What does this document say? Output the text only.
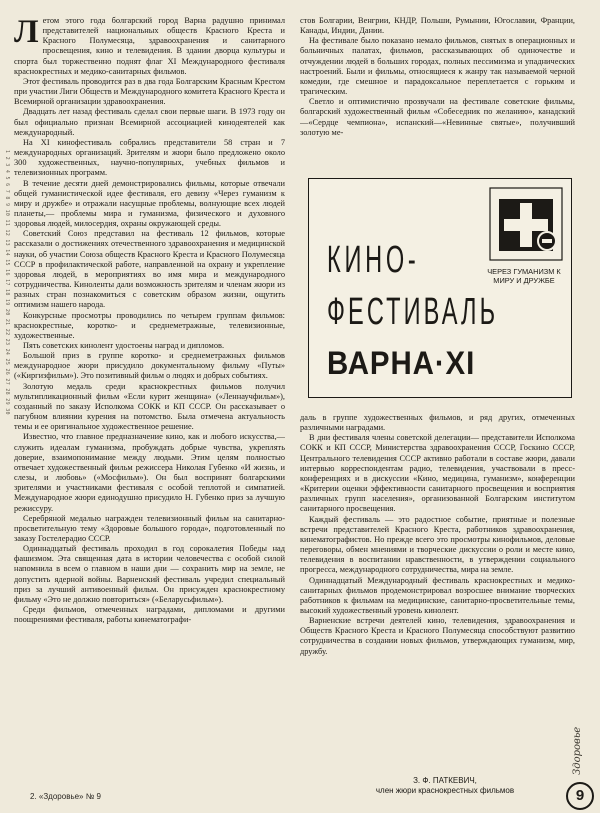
1 2 3 4 5 6 7 8 9 10 11 12 13 14 15 16 17 18 19 20 21 22 23 24 25 26 27 28 29 30
Л етом этого года болгарский город Варна радушно принимал представителей национальных обществ Красного Креста и Красного Полумесяца, здравоохранения и санитарного просвещения, кино и телевидения. В здании дворца культуры и спорта был торжественно поднят флаг XI Международного фестиваля краснокрестных и медико-санитарных фильмов.

Этот фестиваль проводится раз в два года Болгарским Красным Крестом при участии Лиги Обществ и Международного комитета Красного Креста и Всемирной организации здравоохранения.

Двадцать лет назад фестиваль сделал свои первые шаги. В 1973 году он был официально признан Всемирной ассоциацией кинодеятелей как международный.

На XI кинофестиваль собрались представители 58 стран и 7 международных организаций. Зрителям и жюри было предложено около 300 художественных, научно-популярных, учебных фильмов и телевизионных программ.

В течение десяти дней демонстрировались фильмы, которые отвечали общей гуманистической идее фестиваля, его девизу «Через гуманизм к миру и дружбе» и отражали насущные проблемы, волнующие всех людей планеты,— проблемы мира и гуманизма, физического и духовного здоровья людей, милосердия, охраны окружающей среды.

Советский Союз представил на фестиваль 12 фильмов, которые рассказали о достижениях отечественного здравоохранения и медицинской науки, об участии Союза обществ Красного Креста и Красного Полумесяца СССР в профилактической работе, направленной на охрану и укрепление здоровья людей, в мероприятиях во имя мира и международного сотрудничества. Киноленты дали возможность зрителям и членам жюри из разных стран познакомиться с советским образом жизни, ощутить оптимизм нашего народа.

Конкурсные просмотры проводились по четырем группам фильмов: краснокрестные, коротко- и среднеметражные, телевизионные, художественные.

Пять советских кинолент удостоены наград и дипломов.

Большой приз в группе коротко- и среднеметражных фильмов международное жюри присудило документальному фильму «Путы» («Киргизфильм»). Это позитивный фильм о людях и добрых событиях.

Золотую медаль среди краснокрестных фильмов получил мультипликационный фильм «Если курит женщина» («Леннаучфильм»), созданный по заказу Исполкома СОКК и КП СССР. Он рассказывает о пагубном влиянии курения на потомство. Была отмечена актуальность темы и ее оригинальное художественное решение.

Известно, что главное предназначение кино, как и любого искусства,— служить идеалам гуманизма, пробуждать добрые чувства, укреплять доверие, взаимопонимание между людьми. Этим целям полностью отвечает художественный фильм режиссера Николая Губенко «И жизнь, и слезы, и любовь» («Мосфильм»). Он был воспринят болгарскими зрителями и участниками фестиваля с особой теплотой и симпатией. Международное жюри единодушно присудило Н. Губенко приз за лучшую режиссуру.

Серебряной медалью награжден телевизионный фильм на санитарно-просветительную тему «Здоровые большого города», подготовленный по заказу Гостелерадио СССР.

Одиннадцатый фестиваль проходил в год сорокалетия Победы над фашизмом. Эта священная дата в истории человечества с особой силой напомнила в всем о главном в наши дни — сохранить мир на земле, не допустить ядерной войны. Варненский фестиваль учредил специальный приз за лучший антивоенный фильм. Он присужден краснокрестному фильму «Это не должно повториться» («Беларусьфильм»).

Среди фильмов, отмеченных наградами, дипломами и другими поощрениями фестиваля, работы кинематографи-

стов Болгарии, Венгрии, КНДР, Польши, Румынии, Югославии, Франции, Канады, Индии, Дании.

На фестивале было показано немало фильмов, снятых в операционных и больничных палатах, фильмов, рассказывающих об одиночестве и отчуждении людей в больших городах, полных пессимизма и упаднических настроений. Были и фильмы, относящиеся к жанру так называемой черной комедии, где смешное и парадоксальное переплетается с горьким и трагическим.

Светло и оптимистично прозвучали на фестивале советские фильмы, болгарский художественный фильм «Собеседник по желанию», канадский—«Сердце чемпиона», испанский—«Невинные святые», получивший золотую ме-

ЧЕРЕЗ ГУМАНИЗМ К МИРУ И ДРУЖБЕ
КИНО-
ФЕСТИВАЛЬ
ВАРНА·XI

даль в группе художественных фильмов, и ряд других, отмеченных различными наградами.

В дни фестиваля члены советской делегации— представители Исполкома СОКК и КП СССР, Министерства здравоохранения СССР, Госкино СССР, Центрального телевидения СССР активно работали в составе жюри, давали интервью корреспондентам радио, телевидения, участвовали в пресс-конференциях и в дискуссии «Кино, медицина, гуманизм», конференции «Критерии оценки эффективности санитарного просвещения и восприятия различных групп населения», организованной Болгарским институтом санитарного просвещения.

Каждый фестиваль — это радостное событие, приятные и полезные встречи представителей Красного Креста, работников здравоохранения, кинематографистов. Но прежде всего это просмотры кинофильмов, деловые переговоры, обмен мнениями и творческие дискуссии о роли и месте кино, телевидения в воспитании нравственности, в утверждении социального прогресса, международного сотрудничества, мира на земле.

Одиннадцатый Международный фестиваль краснокрестных и медико-санитарных фильмов продемонстрировал возросшее внимание творческих работников к фильмам на медицинские, санитарно-просветительные темы, высокий художественный уровень кинолент.

Варненские встречи деятелей кино, телевидения, здравоохранения и Обществ Красного Креста и Красного Полумесяца способствуют развитию сотрудничества в создании новых фильмов, утверждающих гуманизм, мир, дружбу.

З. Ф. ПАТКЕВИЧ,
член жюри краснокрестных фильмов
Здоровье
9
2. «Здоровье» № 9
